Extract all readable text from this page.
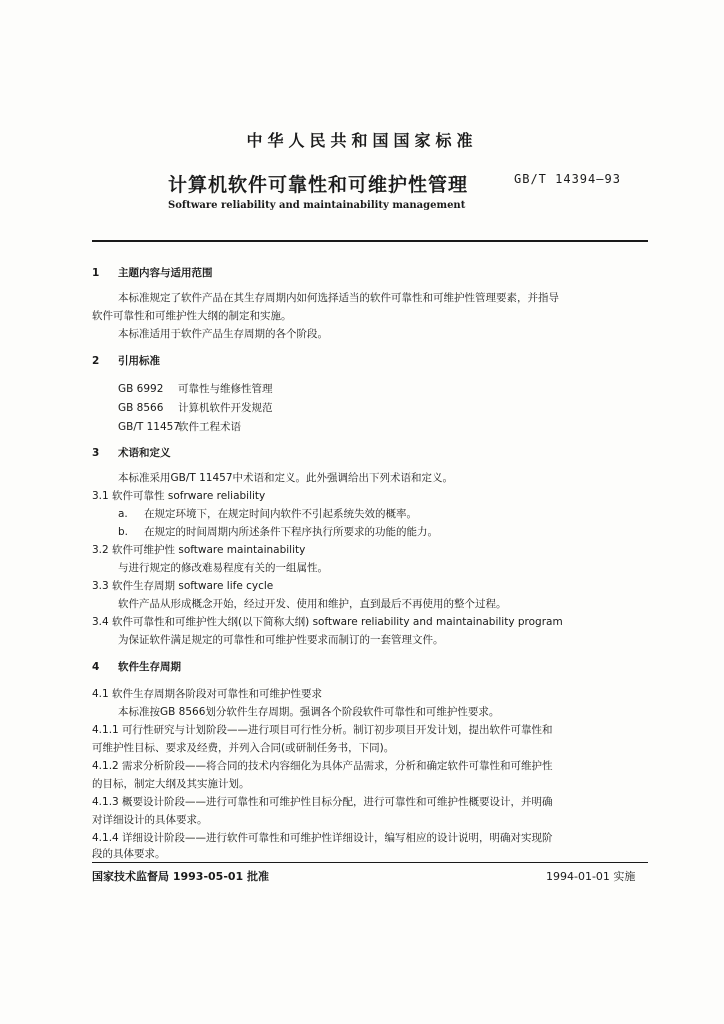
中华人民共和国国家标准
计算机软件可靠性和可维护性管理	GB/T 14394—93
Software reliability and maintainability management
1 主题内容与适用范围
本标准规定了软件产品在其生存周期内如何选择适当的软件可靠性和可维护性管理要素，并指导
软件可靠性和可维护性大纲的制定和实施。
本标准适用于软件产品生存周期的各个阶段。
2 引用标准
GB 6992 可靠性与维修性管理
GB 8566 计算机软件开发规范
GB/T 11457软件工程术语
3 术语和定义
本标准采用GB/T 11457中术语和定义。此外强调给出下列术语和定义。
3.1 软件可靠性 sofrware reliability
a. 在规定环境下，在规定时间内软件不引起系统失效的概率。
b. 在规定的时间周期内所述条件下程序执行所要求的功能的能力。
3.2 软件可维护性 software maintainability
与进行规定的修改难易程度有关的一组属性。
3.3 软件生存周期 software life cycle
软件产品从形成概念开始，经过开发、使用和维护，直到最后不再使用的整个过程。
3.4 软件可靠性和可维护性大纲(以下简称大纲) software reliability and maintainability program
为保证软件满足规定的可靠性和可维护性要求而制订的一套管理文件。
4 软件生存周期
4.1 软件生存周期各阶段对可靠性和可维护性要求
本标准按GB 8566划分软件生存周期。强调各个阶段软件可靠性和可维护性要求。
4.1.1 可行性研究与计划阶段——进行项目可行性分析。制订初步项目开发计划，提出软件可靠性和
可维护性目标、要求及经费，并列入合同(或研制任务书，下同)。
4.1.2 需求分析阶段——将合同的技术内容细化为具体产品需求，分析和确定软件可靠性和可维护性
的目标，制定大纲及其实施计划。
4.1.3 概要设计阶段——进行可靠性和可维护性目标分配，进行可靠性和可维护性概要设计，并明确
对详细设计的具体要求。
4.1.4 详细设计阶段——进行软件可靠性和可维护性详细设计，编写相应的设计说明，明确对实现阶
段的具体要求。
国家技术监督局 1993-05-01 批准	1994-01-01 实施
